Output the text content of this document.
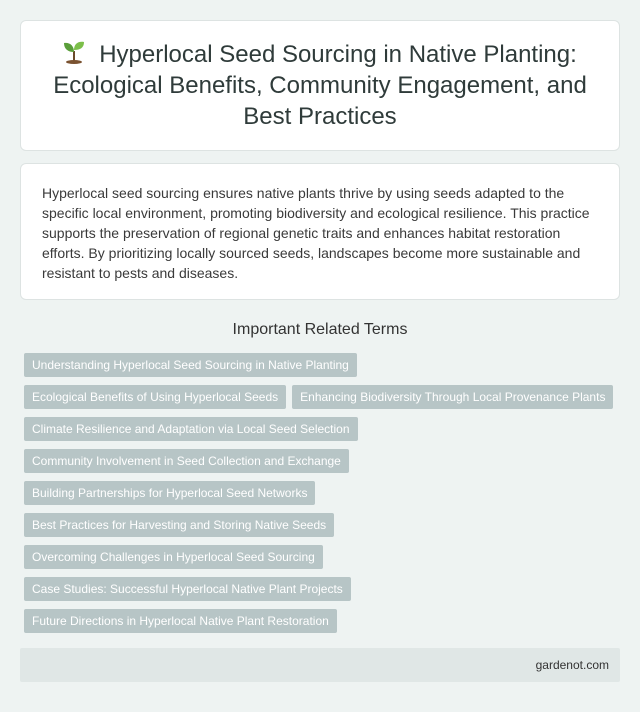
Hyperlocal Seed Sourcing in Native Planting: Ecological Benefits, Community Engagement, and Best Practices

Hyperlocal seed sourcing ensures native plants thrive by using seeds adapted to the specific local environment, promoting biodiversity and ecological resilience. This practice supports the preservation of regional genetic traits and enhances habitat restoration efforts. By prioritizing locally sourced seeds, landscapes become more sustainable and resistant to pests and diseases.

Important Related Terms
Understanding Hyperlocal Seed Sourcing in Native Planting
Ecological Benefits of Using Hyperlocal Seeds	Enhancing Biodiversity Through Local Provenance Plants
Climate Resilience and Adaptation via Local Seed Selection
Community Involvement in Seed Collection and Exchange
Building Partnerships for Hyperlocal Seed Networks
Best Practices for Harvesting and Storing Native Seeds
Overcoming Challenges in Hyperlocal Seed Sourcing
Case Studies: Successful Hyperlocal Native Plant Projects
Future Directions in Hyperlocal Native Plant Restoration
gardenot.com
